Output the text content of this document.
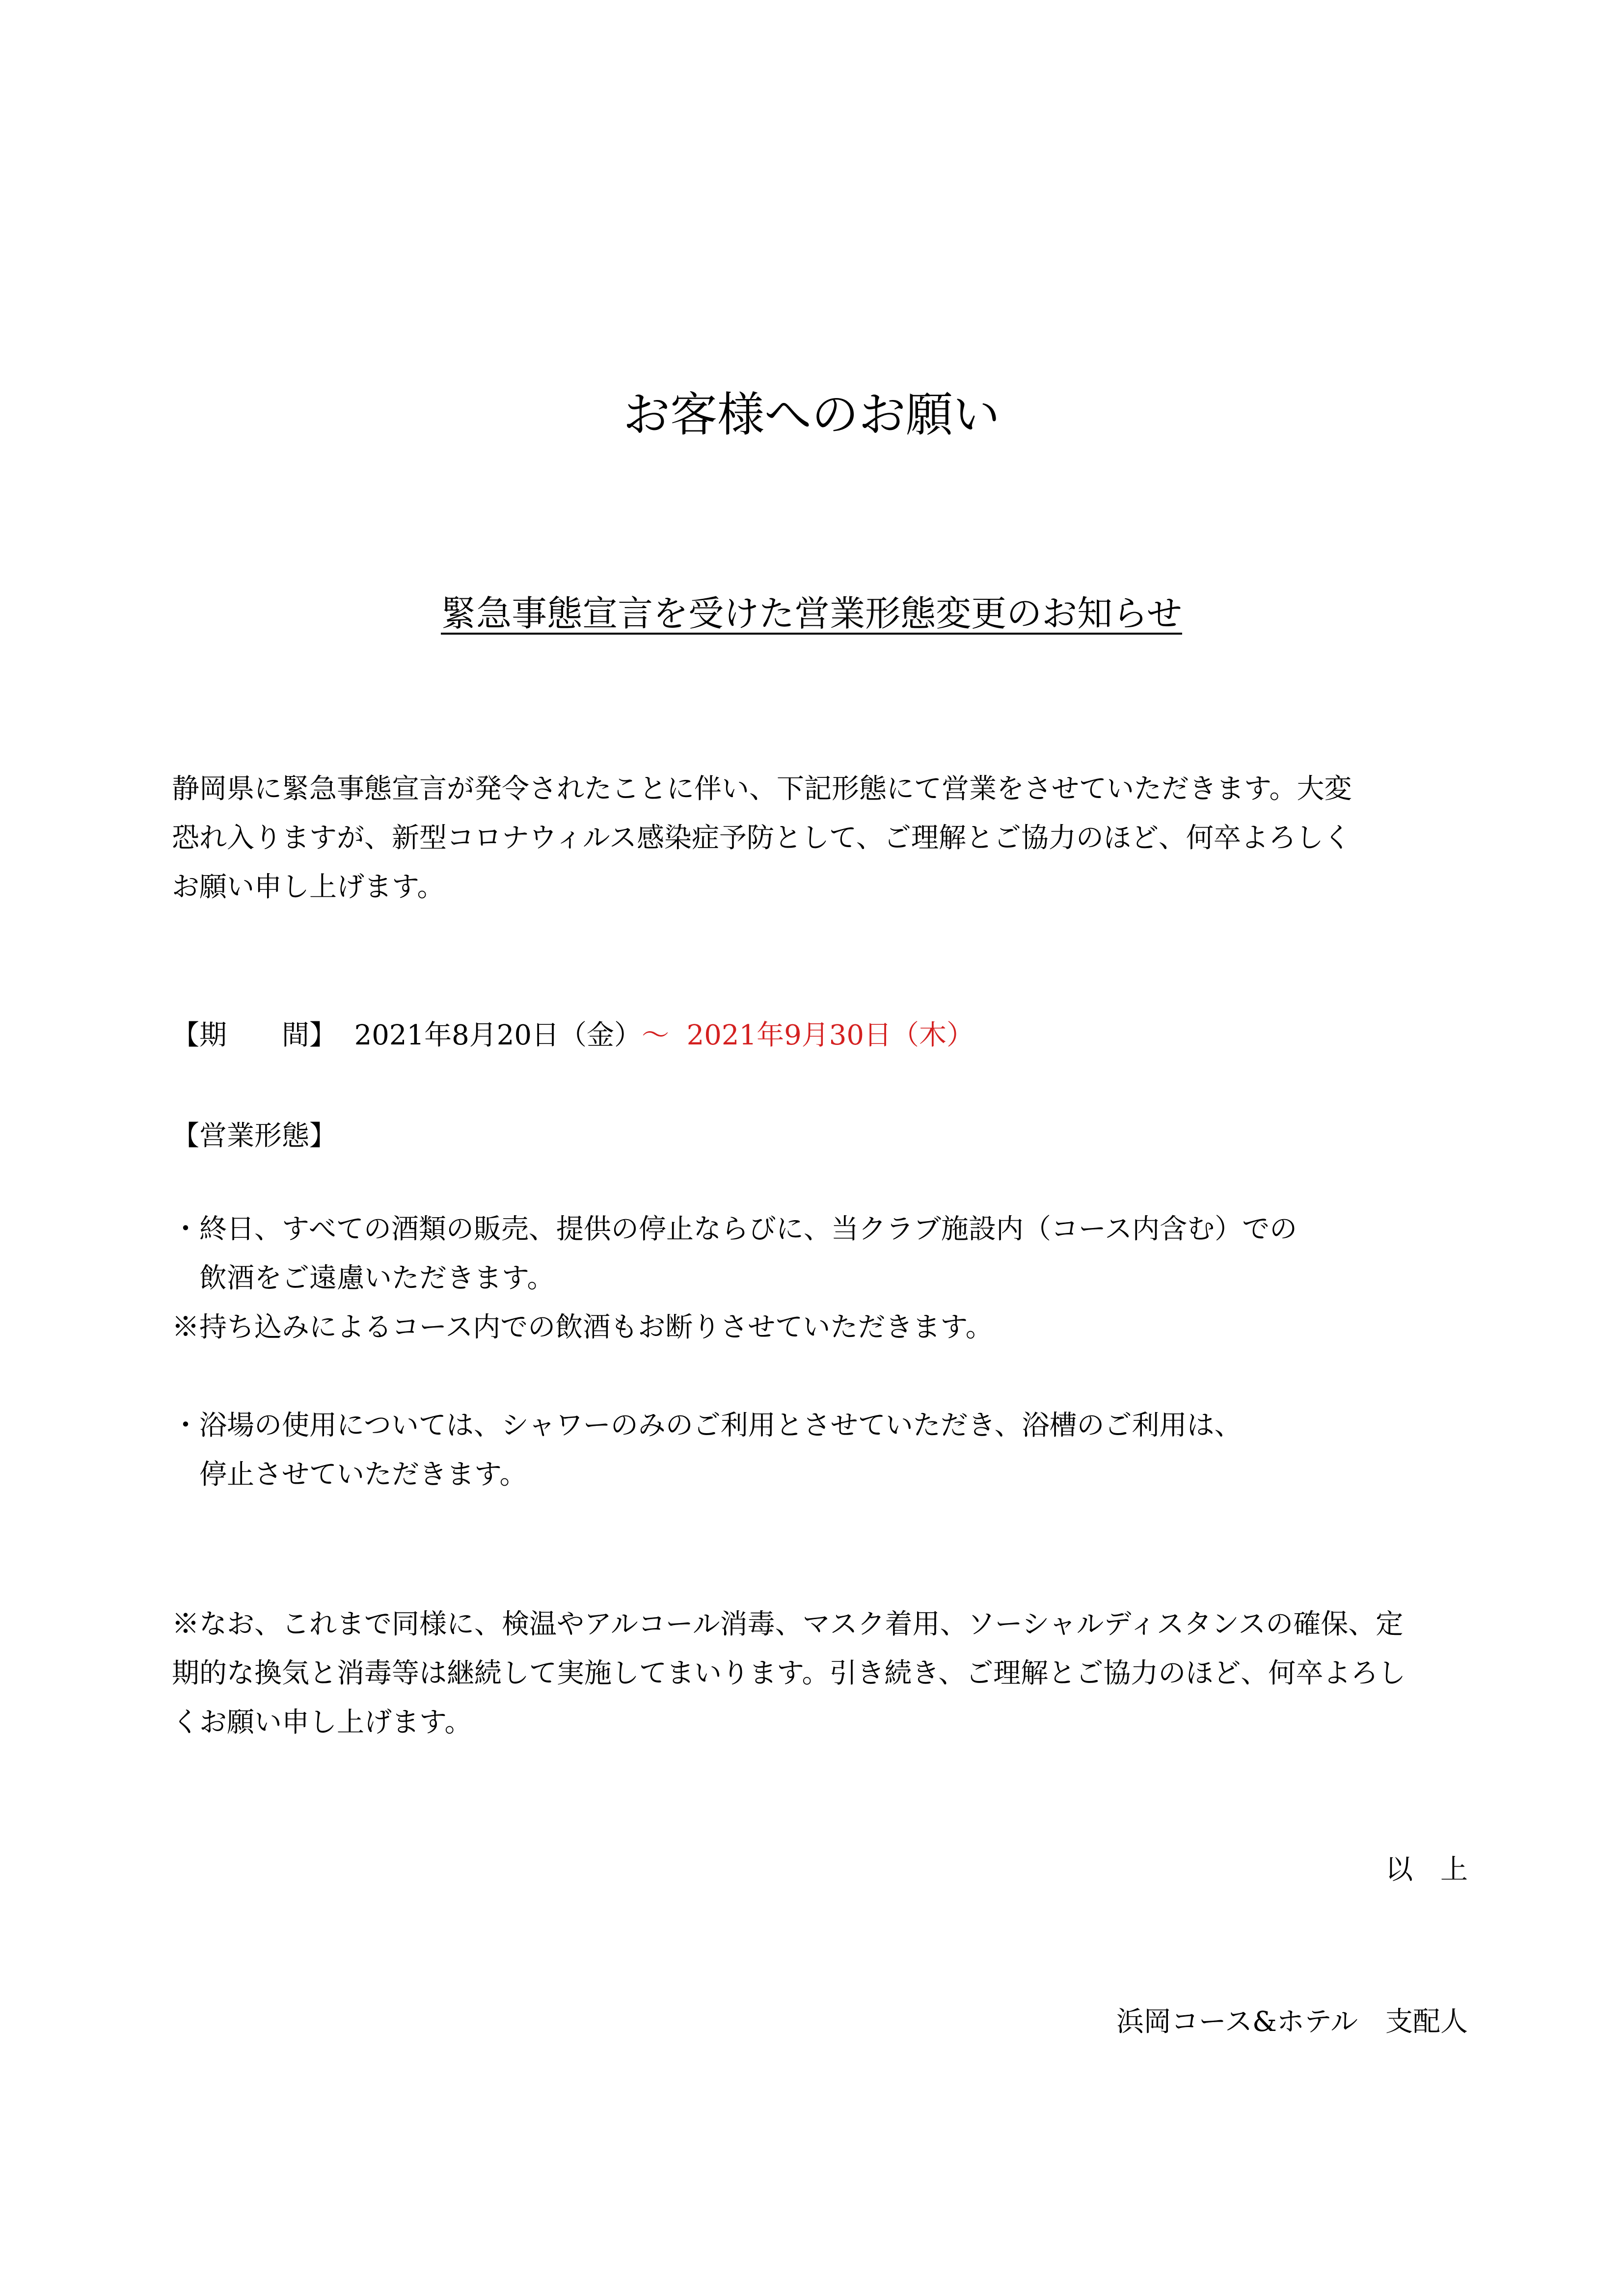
お客様へのお願い
緊急事態宣言を受けた営業形態変更のお知らせ
静岡県に緊急事態宣言が発令されたことに伴い、下記形態にて営業をさせていただきます。大変
恐れ入りますが、新型コロナウィルス感染症予防として、ご理解とご協力のほど、何卒よろしく
お願い申し上げます。
【期　　間】 2021年8月20日（金）～ 2021年9月30日（木）
【営業形態】
・終日、すべての酒類の販売、提供の停止ならびに、当クラブ施設内（コース内含む）での
飲酒をご遠慮いただきます。
※持ち込みによるコース内での飲酒もお断りさせていただきます。
・浴場の使用については、シャワーのみのご利用とさせていただき、浴槽のご利用は、
停止させていただきます。
※なお、これまで同様に、検温やアルコール消毒、マスク着用、ソーシャルディスタンスの確保、定
期的な換気と消毒等は継続して実施してまいります。引き続き、ご理解とご協力のほど、何卒よろし
くお願い申し上げます。
以　上
浜岡コース&ホテル　支配人
